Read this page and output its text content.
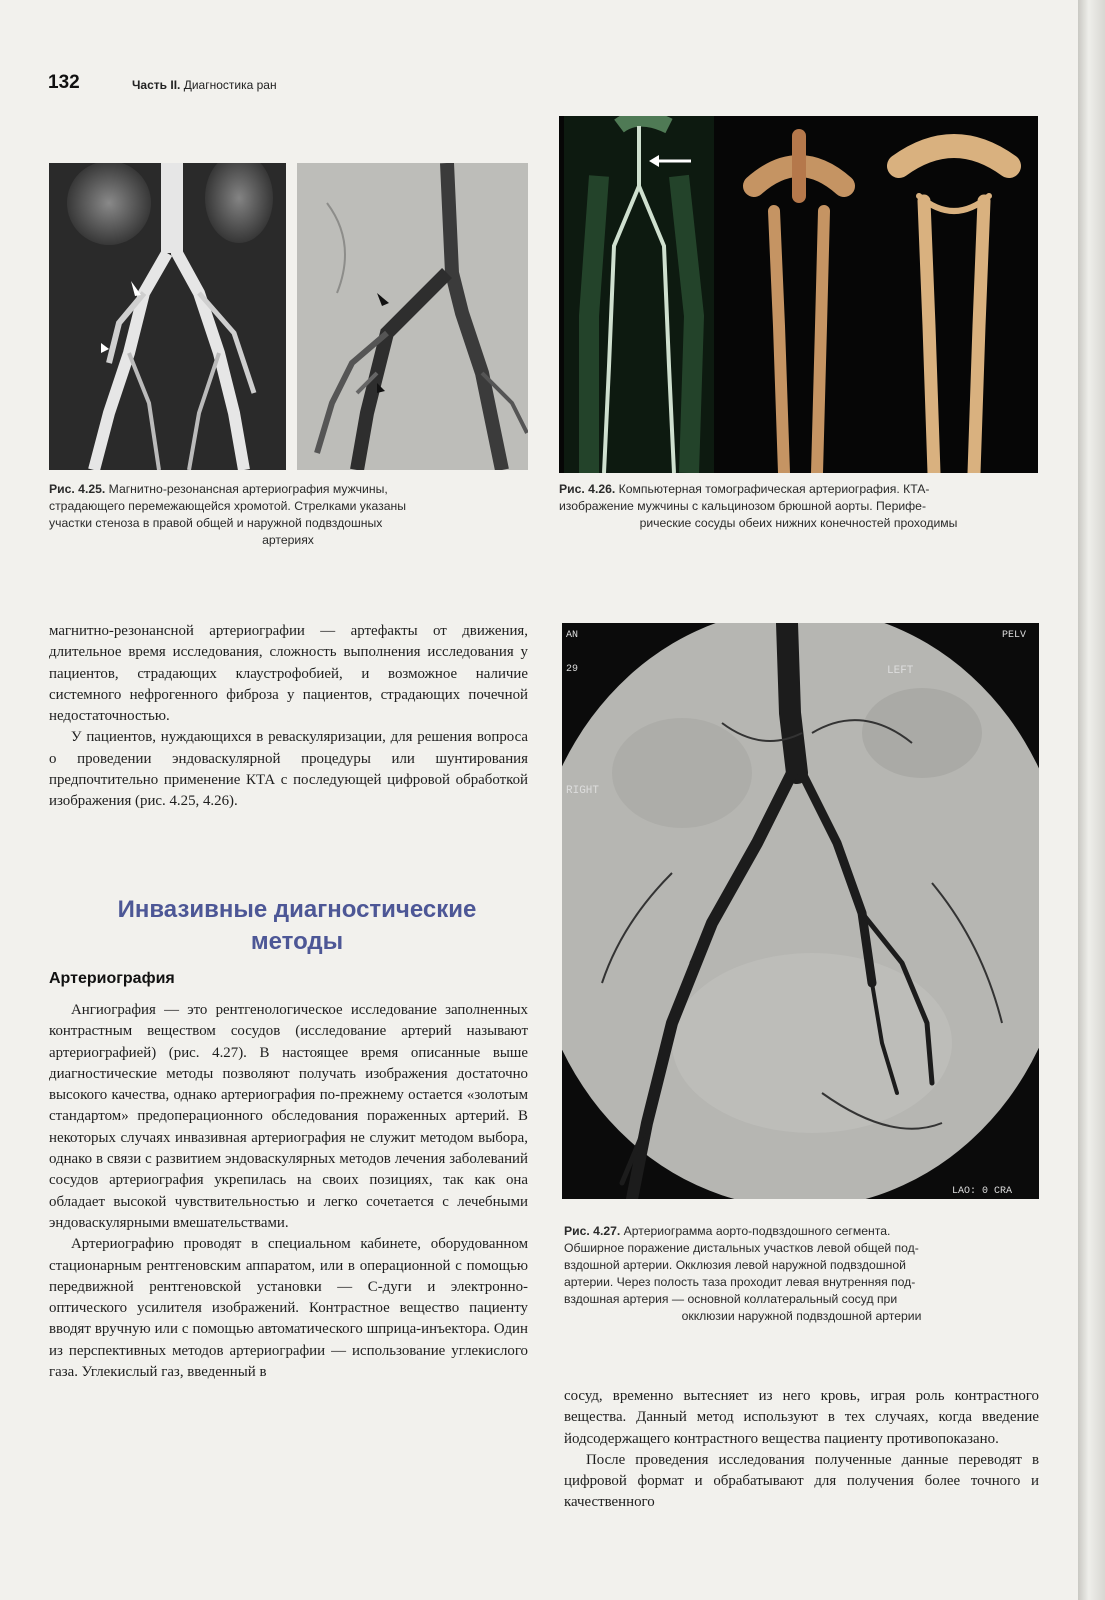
132	Часть II. Диагностика ран
Рис. 4.25. Магнитно-резонансная артериография мужчины,
страдающего перемежающейся хромотой. Стрелками указаны
участки стеноза в правой общей и наружной подвздошных
артериях
Рис. 4.26. Компьютерная томографическая артериография. КТА-
изображение мужчины с кальцинозом брюшной аорты. Перифе-
рические сосуды обеих нижних конечностей проходимы

магнитно-резонансной артериографии — артефакты от движения, длительное время исследования, сложность выполнения исследования у пациентов, страдающих клаустрофобией, и возможное наличие системного нефрогенного фиброза у пациентов, страдающих почечной недостаточностью.

У пациентов, нуждающихся в реваскуляризации, для решения вопроса о проведении эндоваскулярной процедуры или шунтирования предпочтительно применение КТА с последующей цифровой обработкой изображения (рис. 4.25, 4.26).

Инвазивные диагностические
методы
Артериография

Ангиография — это рентгенологическое исследование заполненных контрастным веществом сосудов (исследование артерий называют артериографией) (рис. 4.27). В настоящее время описанные выше диагностические методы позволяют получать изображения достаточно высокого качества, однако артериография по-прежнему остается «золотым стандартом» предоперационного обследования пораженных артерий. В некоторых случаях инвазивная артериография не служит методом выбора, однако в связи с развитием эндоваскулярных методов лечения заболеваний сосудов артериография укрепилась на своих позициях, так как она обладает высокой чувствительностью и легко сочетается с лечебными эндоваскулярными вмешательствами.

Артериографию проводят в специальном кабинете, оборудованном стационарным рентгеновским аппаратом, или в операционной с помощью передвижной рентгеновской установки — С-дуги и электронно-оптического усилителя изображений. Контрастное вещество пациенту вводят вручную или с помощью автоматического шприца-инъектора. Один из перспективных методов артериографии — использование углекислого газа. Углекислый газ, введенный в

RIGHT
LEFT
AN
29
PELV
LAO: 0 CRA
Рис. 4.27. Артериограмма аорто-подвздошного сегмента.
Обширное поражение дистальных участков левой общей под-
вздошной артерии. Окклюзия левой наружной подвздошной
артерии. Через полость таза проходит левая внутренняя под-
вздошная артерия — основной коллатеральный сосуд при
окклюзии наружной подвздошной артерии

сосуд, временно вытесняет из него кровь, играя роль контрастного вещества. Данный метод используют в тех случаях, когда введение йодсодержащего контрастного вещества пациенту противопоказано.

После проведения исследования полученные данные переводят в цифровой формат и обрабатывают для получения более точного и качественного
